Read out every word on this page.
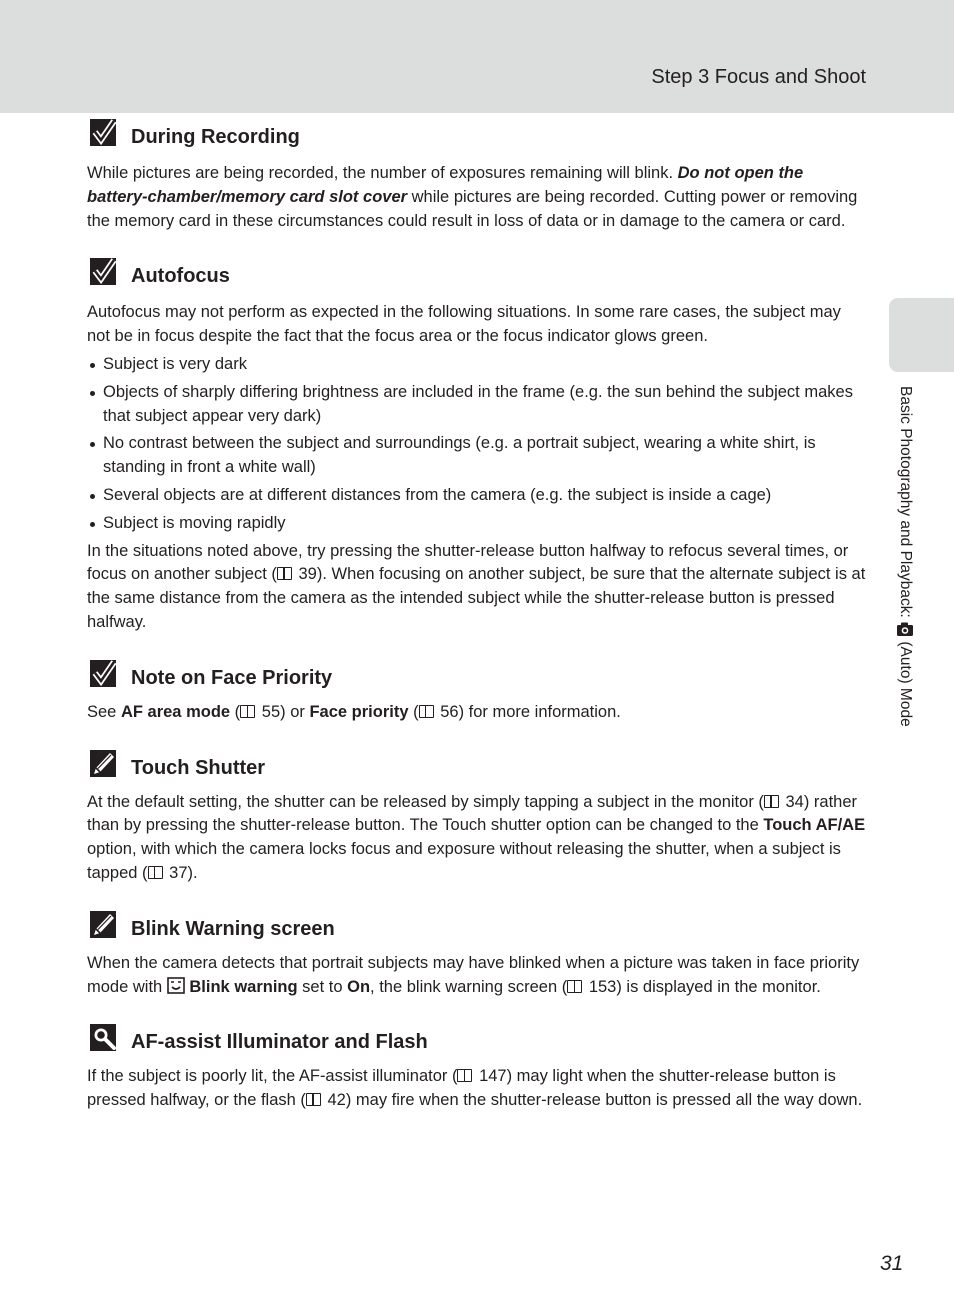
Step 3 Focus and Shoot
Basic Photography and Playback:  (Auto) Mode
During Recording

While pictures are being recorded, the number of exposures remaining will blink. Do not open the battery-chamber/memory card slot cover while pictures are being recorded. Cutting power or removing the memory card in these circumstances could result in loss of data or in damage to the camera or card.

Autofocus

Autofocus may not perform as expected in the following situations. In some rare cases, the subject may not be in focus despite the fact that the focus area or the focus indicator glows green.

Subject is very dark
Objects of sharply differing brightness are included in the frame (e.g. the sun behind the subject makes that subject appear very dark)
No contrast between the subject and surroundings (e.g. a portrait subject, wearing a white shirt, is standing in front a white wall)
Several objects are at different distances from the camera (e.g. the subject is inside a cage)
Subject is moving rapidly

In the situations noted above, try pressing the shutter-release button halfway to refocus several times, or focus on another subject ( 39). When focusing on another subject, be sure that the alternate subject is at the same distance from the camera as the intended subject while the shutter-release button is pressed halfway.

Note on Face Priority

See AF area mode ( 55) or Face priority ( 56) for more information.

Touch Shutter

At the default setting, the shutter can be released by simply tapping a subject in the monitor ( 34) rather than by pressing the shutter-release button. The Touch shutter option can be changed to the Touch AF/AE option, with which the camera locks focus and exposure without releasing the shutter, when a subject is tapped ( 37).

Blink Warning screen

When the camera detects that portrait subjects may have blinked when a picture was taken in face priority mode with  Blink warning set to On, the blink warning screen ( 153) is displayed in the monitor.

AF-assist Illuminator and Flash

If the subject is poorly lit, the AF-assist illuminator ( 147) may light when the shutter-release button is pressed halfway, or the flash ( 42) may fire when the shutter-release button is pressed all the way down.

31
